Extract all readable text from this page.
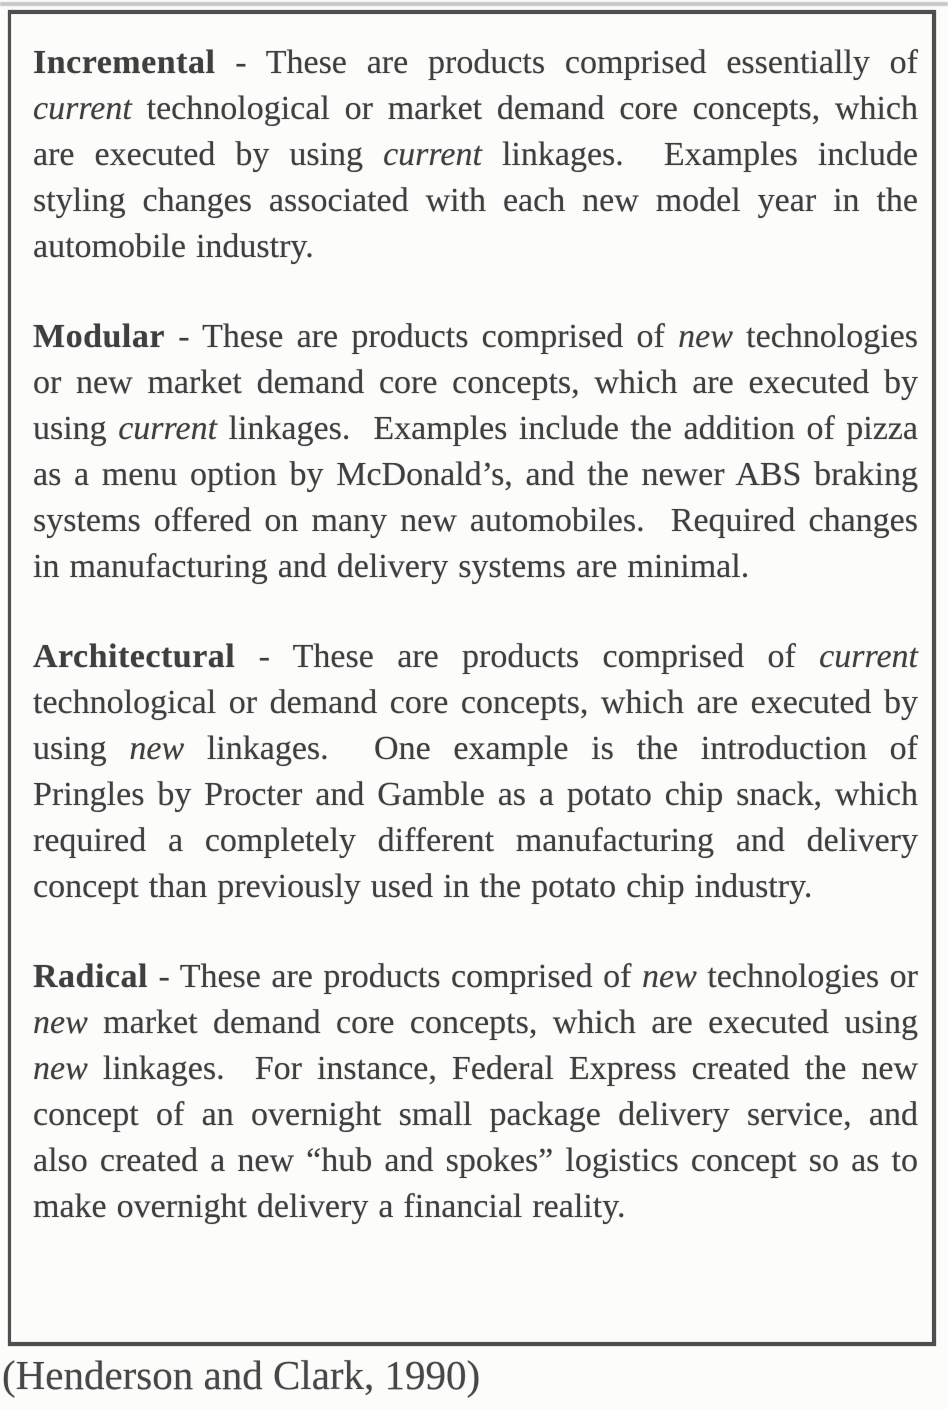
Incremental - These are products comprised essentially of current technological or market demand core concepts, which are executed by using current linkages.  Examples include styling changes associated with each new model year in the automobile industry.

Modular - These are products comprised of new technologies or new market demand core concepts, which are executed by using current linkages.  Examples include the addition of pizza as a menu option by McDonald’s, and the newer ABS braking systems offered on many new automobiles.  Required changes in manufacturing and delivery systems are minimal.

Architectural - These are products comprised of current technological or demand core concepts, which are executed by using new linkages.  One example is the introduction of Pringles by Procter and Gamble as a potato chip snack, which required a completely different manufacturing and delivery concept than previously used in the potato chip industry.

Radical - These are products comprised of new technologies or new market demand core concepts, which are executed using new linkages.  For instance, Federal Express created the new concept of an overnight small package delivery service, and also created a new “hub and spokes” logistics concept so as to make overnight delivery a financial reality.

(Henderson and Clark, 1990)
